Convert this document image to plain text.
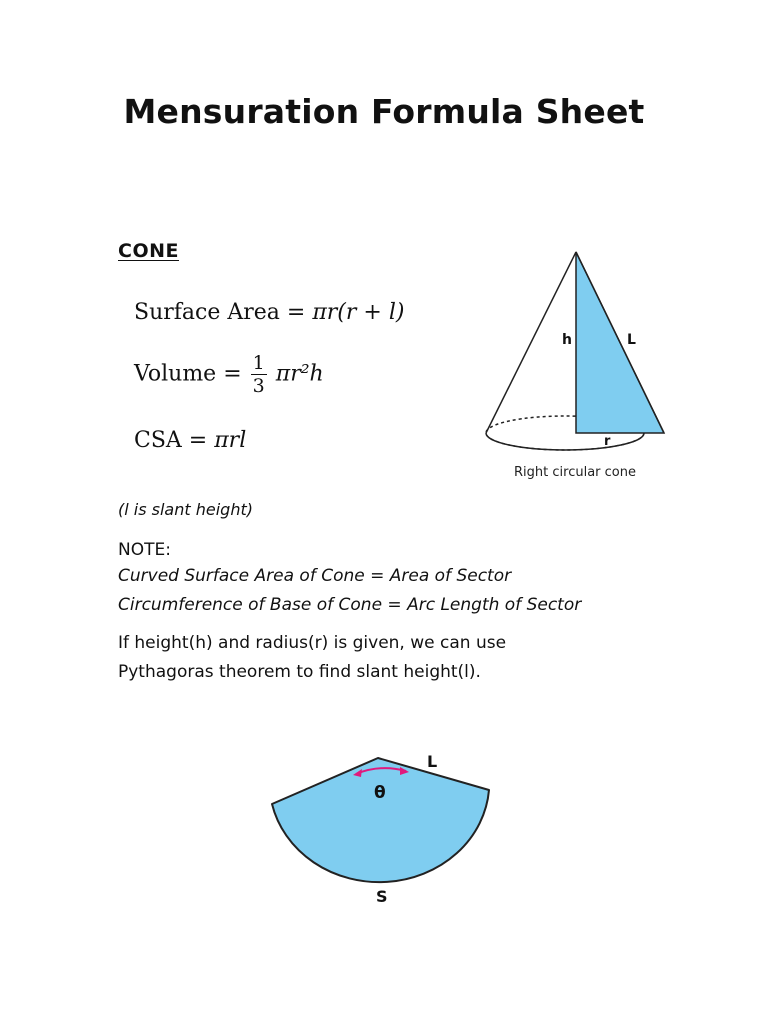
Mensuration Formula Sheet
CONE
Surface Area = πr(r + l)
Volume = $\frac{1}{3} \pi r^2h$
CSA = πrl
h	L
r
Right circular cone
(l is slant height)
NOTE:
Curved Surface Area of Cone = Area of Sector
Circumference of Base of Cone = Arc Length of Sector
If height(h) and radius(r) is given, we can use
Pythagoras theorem to find slant height(l).
θ
L
S
